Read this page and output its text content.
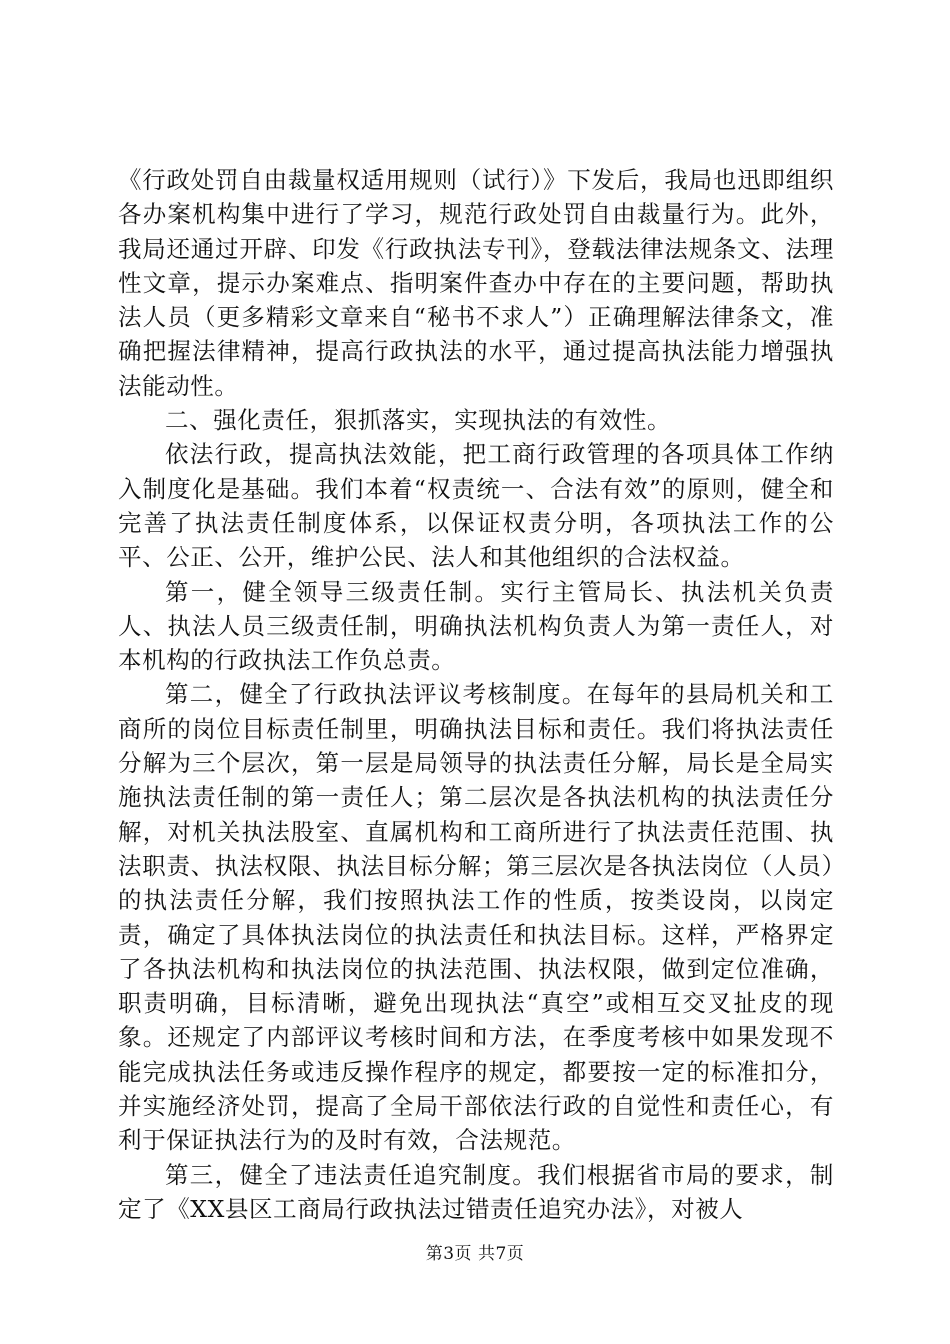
《行政处罚自由裁量权适用规则（试行）》下发后，我局也迅即组织各办案机构集中进行了学习，规范行政处罚自由裁量行为。此外，我局还通过开辟、印发《行政执法专刊》，登载法律法规条文、法理性文章，提示办案难点、指明案件查办中存在的主要问题，帮助执法人员（更多精彩文章来自“秘书不求人”）正确理解法律条文，准确把握法律精神，提高行政执法的水平，通过提高执法能力增强执法能动性。

二、强化责任，狠抓落实，实现执法的有效性。

依法行政，提高执法效能，把工商行政管理的各项具体工作纳入制度化是基础。我们本着“权责统一、合法有效”的原则，健全和完善了执法责任制度体系，以保证权责分明，各项执法工作的公平、公正、公开，维护公民、法人和其他组织的合法权益。

第一，健全领导三级责任制。实行主管局长、执法机关负责人、执法人员三级责任制，明确执法机构负责人为第一责任人，对本机构的行政执法工作负总责。

第二，健全了行政执法评议考核制度。在每年的县局机关和工商所的岗位目标责任制里，明确执法目标和责任。我们将执法责任分解为三个层次，第一层是局领导的执法责任分解，局长是全局实施执法责任制的第一责任人；第二层次是各执法机构的执法责任分解，对机关执法股室、直属机构和工商所进行了执法责任范围、执法职责、执法权限、执法目标分解；第三层次是各执法岗位（人员）的执法责任分解，我们按照执法工作的性质，按类设岗，以岗定责，确定了具体执法岗位的执法责任和执法目标。这样，严格界定了各执法机构和执法岗位的执法范围、执法权限，做到定位准确，职责明确，目标清晰，避免出现执法“真空”或相互交叉扯皮的现象。还规定了内部评议考核时间和方法，在季度考核中如果发现不能完成执法任务或违反操作程序的规定，都要按一定的标准扣分，并实施经济处罚，提高了全局干部依法行政的自觉性和责任心，有利于保证执法行为的及时有效，合法规范。

第三，健全了违法责任追究制度。我们根据省市局的要求，制定了《XX县区工商局行政执法过错责任追究办法》，对被人

第3页 共7页
